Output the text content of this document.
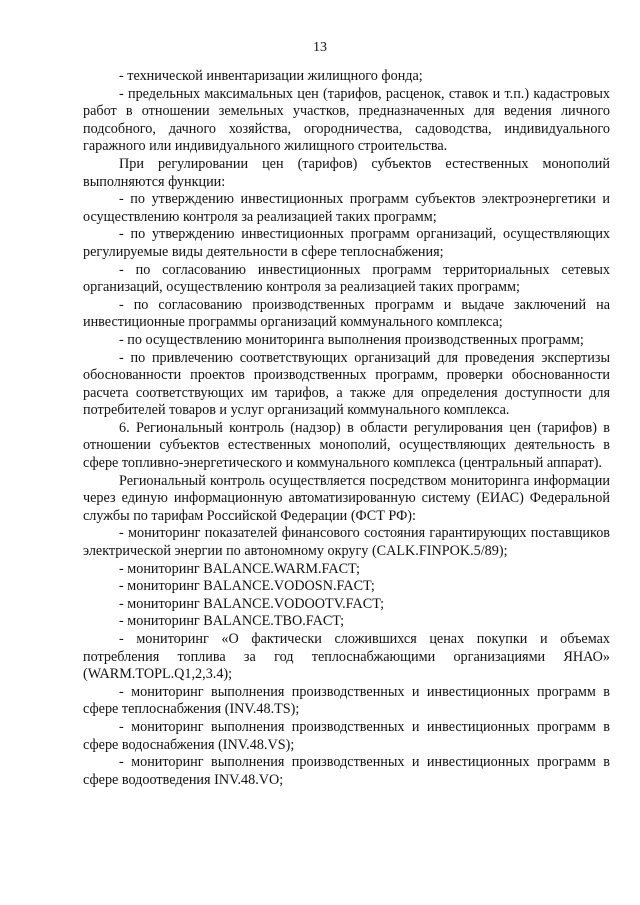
13

- технической инвентаризации жилищного фонда;

- предельных максимальных цен (тарифов, расценок, ставок и т.п.) кадастровых работ в отношении земельных участков, предназначенных для ведения личного подсобного, дачного хозяйства, огородничества, садоводства, индивидуального гаражного или индивидуального жилищного строительства.

При регулировании цен (тарифов) субъектов естественных монополий выполняются функции:

- по утверждению инвестиционных программ субъектов электроэнергетики и осуществлению контроля за реализацией таких программ;

- по утверждению инвестиционных программ организаций, осуществляющих регулируемые виды деятельности в сфере теплоснабжения;

- по согласованию инвестиционных программ территориальных сетевых организаций, осуществлению контроля за реализацией таких программ;

- по согласованию производственных программ и выдаче заключений на инвестиционные программы организаций коммунального комплекса;

- по осуществлению мониторинга выполнения производственных программ;

- по привлечению соответствующих организаций для проведения экспертизы обоснованности проектов производственных программ, проверки обоснованности расчета соответствующих им тарифов, а также для определения доступности для потребителей товаров и услуг организаций коммунального комплекса.

6. Региональный контроль (надзор) в области регулирования цен (тарифов) в отношении субъектов естественных монополий, осуществляющих деятельность в сфере топливно-энергетического и коммунального комплекса (центральный аппарат).

Региональный контроль осуществляется посредством мониторинга информации через единую информационную автоматизированную систему (ЕИАС) Федеральной службы по тарифам Российской Федерации (ФСТ РФ):

- мониторинг показателей финансового состояния гарантирующих поставщиков электрической энергии по автономному округу (CALK.FINPOK.5/89);

- мониторинг BALANCE.WARM.FACT;

- мониторинг BALANCE.VODOSN.FACT;

- мониторинг BALANCE.VODOOTV.FACT;

- мониторинг BALANCE.TBO.FACT;

- мониторинг «О фактически сложившихся ценах покупки и объемах потребления топлива за год теплоснабжающими организациями ЯНАО» (WARM.TOPL.Q1,2,3.4);

- мониторинг выполнения производственных и инвестиционных программ в сфере теплоснабжения (INV.48.TS);

- мониторинг выполнения производственных и инвестиционных программ в сфере водоснабжения (INV.48.VS);

- мониторинг выполнения производственных и инвестиционных программ в сфере водоотведения INV.48.VO;
